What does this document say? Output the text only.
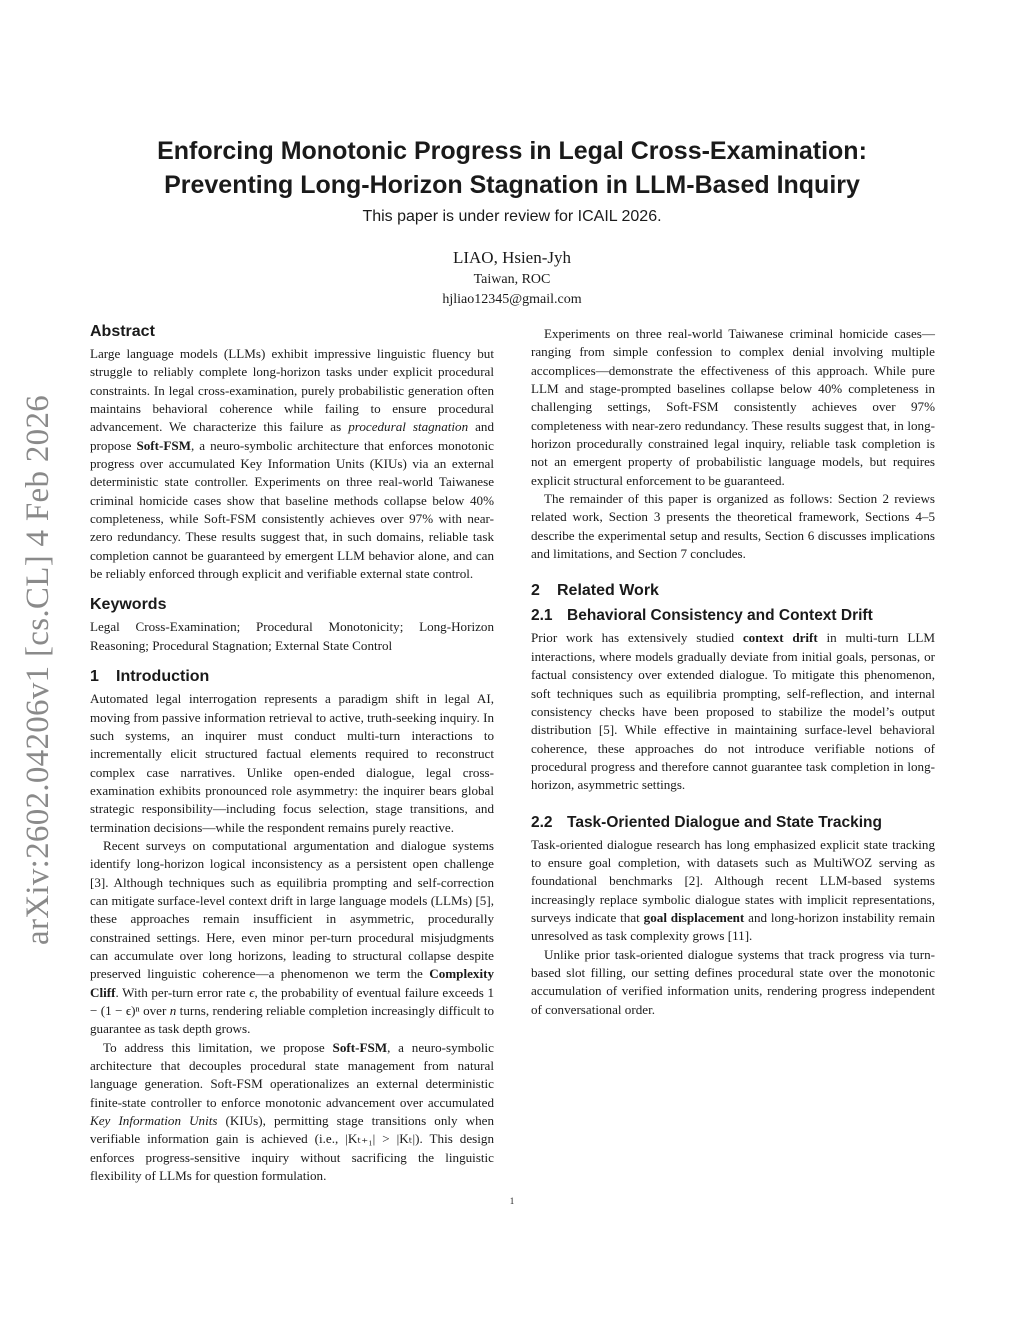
arXiv:2602.04206v1 [cs.CL] 4 Feb 2026
Enforcing Monotonic Progress in Legal Cross-Examination:
Preventing Long-Horizon Stagnation in LLM-Based Inquiry
This paper is under review for ICAIL 2026.
LIAO, Hsien-Jyh
Taiwan, ROC
hjliao12345@gmail.com
Abstract

Large language models (LLMs) exhibit impressive linguistic fluency but struggle to reliably complete long-horizon tasks under explicit procedural constraints. In legal cross-examination, purely probabilistic generation often maintains behavioral coherence while failing to ensure procedural advancement. We characterize this failure as procedural stagnation and propose Soft-FSM, a neuro-symbolic architecture that enforces monotonic progress over accumulated Key Information Units (KIUs) via an external deterministic state controller. Experiments on three real-world Taiwanese criminal homicide cases show that baseline methods collapse below 40% completeness, while Soft-FSM consistently achieves over 97% with near-zero redundancy. These results suggest that, in such domains, reliable task completion cannot be guaranteed by emergent LLM behavior alone, and can be reliably enforced through explicit and verifiable external state control.

Keywords

Legal Cross-Examination; Procedural Monotonicity; Long-Horizon Reasoning; Procedural Stagnation; External State Control

1 Introduction

Automated legal interrogation represents a paradigm shift in legal AI, moving from passive information retrieval to active, truth-seeking inquiry. In such systems, an inquirer must conduct multi-turn interactions to incrementally elicit structured factual elements required to reconstruct complex case narratives. Unlike open-ended dialogue, legal cross-examination exhibits pronounced role asymmetry: the inquirer bears global strategic responsibility—including focus selection, stage transitions, and termination decisions—while the respondent remains purely reactive.

Recent surveys on computational argumentation and dialogue systems identify long-horizon logical inconsistency as a persistent open challenge [3]. Although techniques such as equilibria prompting and self-correction can mitigate surface-level context drift in large language models (LLMs) [5], these approaches remain insufficient in asymmetric, procedurally constrained settings. Here, even minor per-turn procedural misjudgments can accumulate over long horizons, leading to structural collapse despite preserved linguistic coherence—a phenomenon we term the Complexity Cliff. With per-turn error rate ϵ, the probability of eventual failure exceeds 1 − (1 − ϵ)ⁿ over n turns, rendering reliable completion increasingly difficult to guarantee as task depth grows.

To address this limitation, we propose Soft-FSM, a neuro-symbolic architecture that decouples procedural state management from natural language generation. Soft-FSM operationalizes an external deterministic finite-state controller to enforce monotonic advancement over accumulated Key Information Units (KIUs), permitting stage transitions only when verifiable information gain is achieved (i.e., |Kₜ₊₁| > |Kₜ|). This design enforces progress-sensitive inquiry without sacrificing the linguistic flexibility of LLMs for question formulation.

Experiments on three real-world Taiwanese criminal homicide cases—ranging from simple confession to complex denial involving multiple accomplices—demonstrate the effectiveness of this approach. While pure LLM and stage-prompted baselines collapse below 40% completeness in challenging settings, Soft-FSM consistently achieves over 97% completeness with near-zero redundancy. These results suggest that, in long-horizon procedurally constrained legal inquiry, reliable task completion is not an emergent property of probabilistic language models, but requires explicit structural enforcement to be guaranteed.

The remainder of this paper is organized as follows: Section 2 reviews related work, Section 3 presents the theoretical framework, Sections 4–5 describe the experimental setup and results, Section 6 discusses implications and limitations, and Section 7 concludes.

2 Related Work
2.1 Behavioral Consistency and Context Drift

Prior work has extensively studied context drift in multi-turn LLM interactions, where models gradually deviate from initial goals, personas, or factual consistency over extended dialogue. To mitigate this phenomenon, soft techniques such as equilibria prompting, self-reflection, and internal consistency checks have been proposed to stabilize the model’s output distribution [5]. While effective in maintaining surface-level behavioral coherence, these approaches do not introduce verifiable notions of procedural progress and therefore cannot guarantee task completion in long-horizon, asymmetric settings.

2.2 Task-Oriented Dialogue and State Tracking

Task-oriented dialogue research has long emphasized explicit state tracking to ensure goal completion, with datasets such as MultiWOZ serving as foundational benchmarks [2]. Although recent LLM-based systems increasingly replace symbolic dialogue states with implicit representations, surveys indicate that goal displacement and long-horizon instability remain unresolved as task complexity grows [11].

Unlike prior task-oriented dialogue systems that track progress via turn-based slot filling, our setting defines procedural state over the monotonic accumulation of verified information units, rendering progress independent of conversational order.

1
